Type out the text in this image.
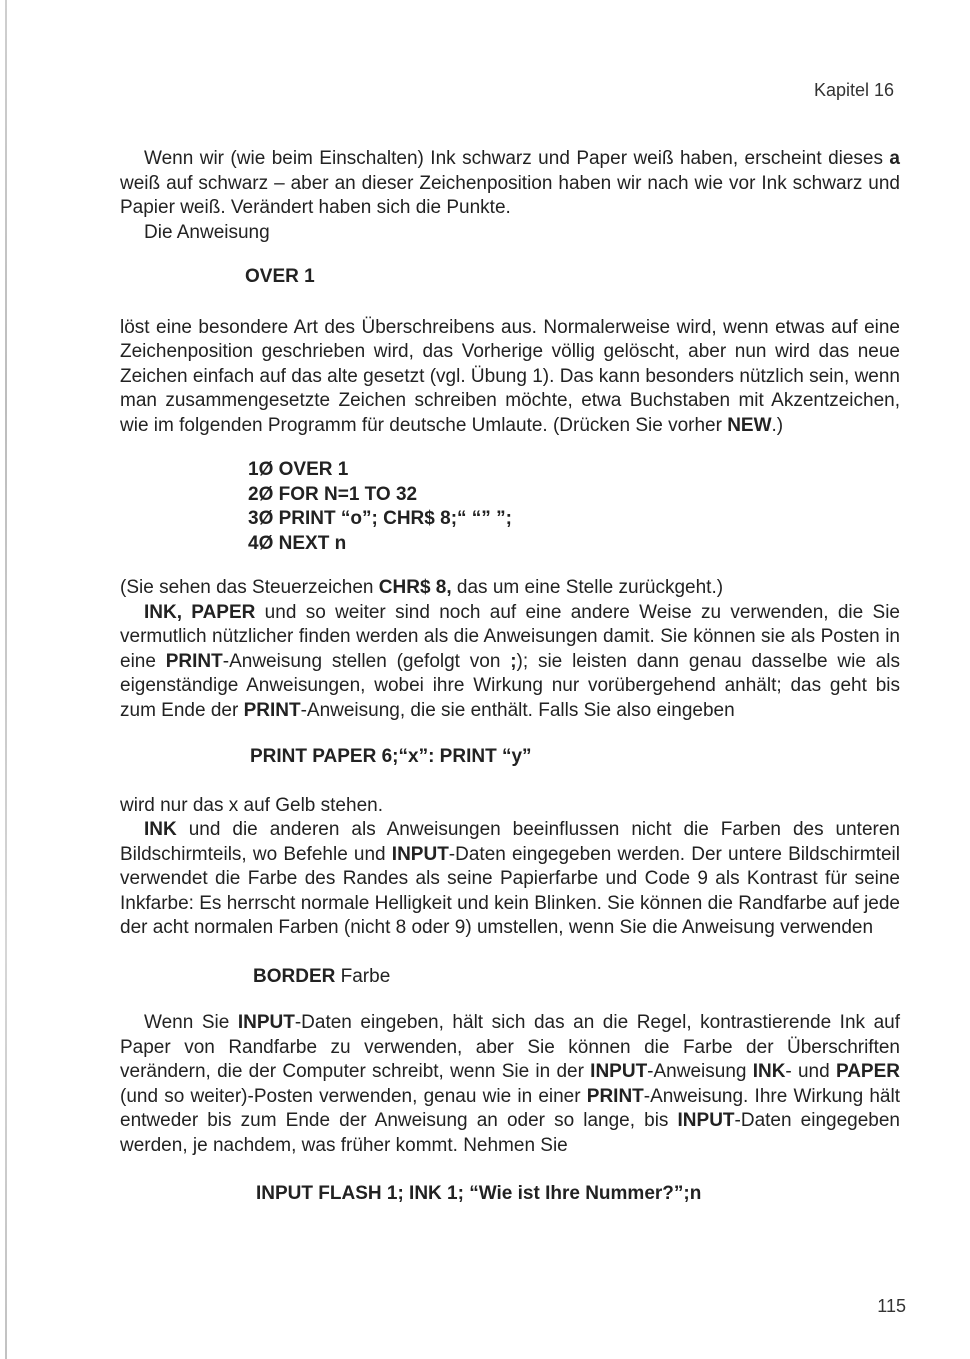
Kapitel 16

Wenn wir (wie beim Einschalten) Ink schwarz und Paper weiß haben, erscheint dieses a weiß auf schwarz – aber an dieser Zeichenposition haben wir nach wie vor Ink schwarz und Papier weiß. Verändert haben sich die Punkte.

Die Anweisung

OVER 1

löst eine besondere Art des Überschreibens aus. Normalerweise wird, wenn etwas auf eine Zeichenposition geschrieben wird, das Vorherige völlig gelöscht, aber nun wird das neue Zeichen einfach auf das alte gesetzt (vgl. Übung 1). Das kann besonders nützlich sein, wenn man zusammengesetzte Zeichen schreiben möchte, etwa Buchstaben mit Akzentzeichen, wie im folgenden Programm für deutsche Umlaute. (Drücken Sie vorher NEW.)

1Ø OVER 1
2Ø FOR N=1 TO 32
3Ø PRINT “o”; CHR$ 8;“ “” ”;
4Ø NEXT n

(Sie sehen das Steuerzeichen CHR$ 8, das um eine Stelle zurückgeht.)

INK, PAPER und so weiter sind noch auf eine andere Weise zu verwenden, die Sie vermutlich nützlicher finden werden als die Anweisungen damit. Sie können sie als Posten in eine PRINT-Anweisung stellen (gefolgt von ;); sie leisten dann genau dasselbe wie als eigenständige Anweisungen, wobei ihre Wirkung nur vorübergehend anhält; das geht bis zum Ende der PRINT-Anweisung, die sie enthält. Falls Sie also eingeben

PRINT PAPER 6;“x”: PRINT “y”

wird nur das x auf Gelb stehen.

INK und die anderen als Anweisungen beeinflussen nicht die Farben des unteren Bildschirmteils, wo Befehle und INPUT-Daten eingegeben werden. Der untere Bildschirmteil verwendet die Farbe des Randes als seine Papierfarbe und Code 9 als Kontrast für seine Inkfarbe: Es herrscht normale Helligkeit und kein Blinken. Sie können die Randfarbe auf jede der acht normalen Farben (nicht 8 oder 9) umstellen, wenn Sie die Anweisung verwenden

BORDER Farbe

Wenn Sie INPUT-Daten eingeben, hält sich das an die Regel, kontrastierende Ink auf Paper von Randfarbe zu verwenden, aber Sie können die Farbe der Überschriften verändern, die der Computer schreibt, wenn Sie in der INPUT-Anweisung INK- und PAPER (und so weiter)-Posten verwenden, genau wie in einer PRINT-Anweisung. Ihre Wirkung hält entweder bis zum Ende der Anweisung an oder so lange, bis INPUT-Daten eingegeben werden, je nachdem, was früher kommt. Nehmen Sie

INPUT FLASH 1; INK 1; “Wie ist Ihre Nummer?”;n

115
